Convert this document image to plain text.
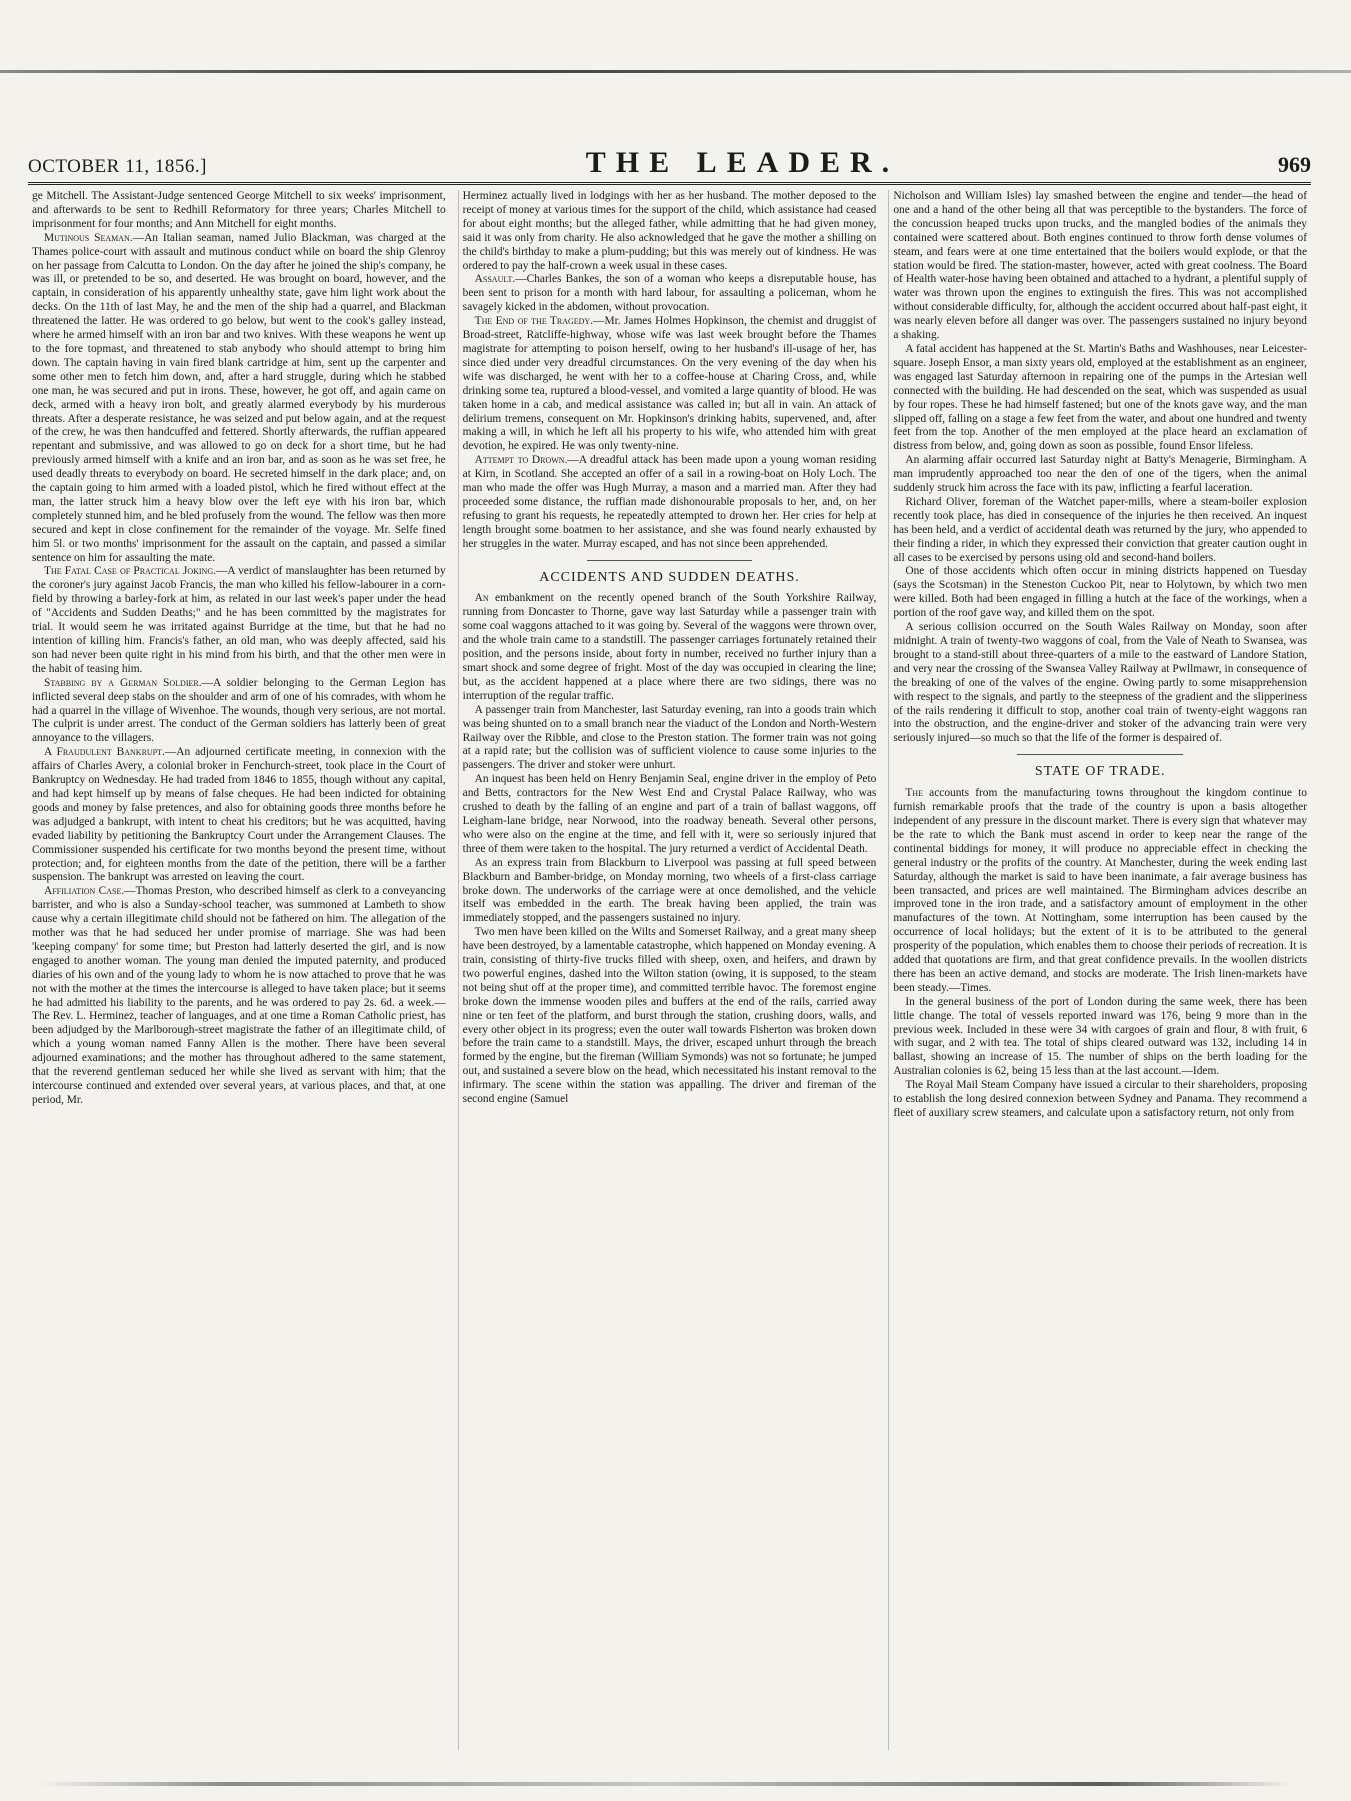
OCTOBER 11, 1856.]	THE LEADER.	969

ge Mitchell. The Assistant-Judge sentenced George Mitchell to six weeks' imprisonment, and afterwards to be sent to Redhill Reformatory for three years; Charles Mitchell to imprisonment for four months; and Ann Mitchell for eight months.

Mutinous Seaman.—An Italian seaman, named Julio Blackman, was charged at the Thames police-court with assault and mutinous conduct while on board the ship Glenroy on her passage from Calcutta to London. On the day after he joined the ship's company, he was ill, or pretended to be so, and deserted. He was brought on board, however, and the captain, in consideration of his apparently unhealthy state, gave him light work about the decks. On the 11th of last May, he and the men of the ship had a quarrel, and Blackman threatened the latter. He was ordered to go below, but went to the cook's galley instead, where he armed himself with an iron bar and two knives. With these weapons he went up to the fore topmast, and threatened to stab anybody who should attempt to bring him down. The captain having in vain fired blank cartridge at him, sent up the carpenter and some other men to fetch him down, and, after a hard struggle, during which he stabbed one man, he was secured and put in irons. These, however, he got off, and again came on deck, armed with a heavy iron bolt, and greatly alarmed everybody by his murderous threats. After a desperate resistance, he was seized and put below again, and at the request of the crew, he was then handcuffed and fettered. Shortly afterwards, the ruffian appeared repentant and submissive, and was allowed to go on deck for a short time, but he had previously armed himself with a knife and an iron bar, and as soon as he was set free, he used deadly threats to everybody on board. He secreted himself in the dark place; and, on the captain going to him armed with a loaded pistol, which he fired without effect at the man, the latter struck him a heavy blow over the left eye with his iron bar, which completely stunned him, and he bled profusely from the wound. The fellow was then more secured and kept in close confinement for the remainder of the voyage. Mr. Selfe fined him 5l. or two months' imprisonment for the assault on the captain, and passed a similar sentence on him for assaulting the mate.

The Fatal Case of Practical Joking.—A verdict of manslaughter has been returned by the coroner's jury against Jacob Francis, the man who killed his fellow-labourer in a corn-field by throwing a barley-fork at him, as related in our last week's paper under the head of "Accidents and Sudden Deaths;" and he has been committed by the magistrates for trial. It would seem he was irritated against Burridge at the time, but that he had no intention of killing him. Francis's father, an old man, who was deeply affected, said his son had never been quite right in his mind from his birth, and that the other men were in the habit of teasing him.

Stabbing by a German Soldier.—A soldier belonging to the German Legion has inflicted several deep stabs on the shoulder and arm of one of his comrades, with whom he had a quarrel in the village of Wivenhoe. The wounds, though very serious, are not mortal. The culprit is under arrest. The conduct of the German soldiers has latterly been of great annoyance to the villagers.

A Fraudulent Bankrupt.—An adjourned certificate meeting, in connexion with the affairs of Charles Avery, a colonial broker in Fenchurch-street, took place in the Court of Bankruptcy on Wednesday. He had traded from 1846 to 1855, though without any capital, and had kept himself up by means of false cheques. He had been indicted for obtaining goods and money by false pretences, and also for obtaining goods three months before he was adjudged a bankrupt, with intent to cheat his creditors; but he was acquitted, having evaded liability by petitioning the Bankruptcy Court under the Arrangement Clauses. The Commissioner suspended his certificate for two months beyond the present time, without protection; and, for eighteen months from the date of the petition, there will be a farther suspension. The bankrupt was arrested on leaving the court.

Affiliation Case.—Thomas Preston, who described himself as clerk to a conveyancing barrister, and who is also a Sunday-school teacher, was summoned at Lambeth to show cause why a certain illegitimate child should not be fathered on him. The allegation of the mother was that he had seduced her under promise of marriage. She was had been 'keeping company' for some time; but Preston had latterly deserted the girl, and is now engaged to another woman. The young man denied the imputed paternity, and produced diaries of his own and of the young lady to whom he is now attached to prove that he was not with the mother at the times the intercourse is alleged to have taken place; but it seems he had admitted his liability to the parents, and he was ordered to pay 2s. 6d. a week.—The Rev. L. Herminez, teacher of languages, and at one time a Roman Catholic priest, has been adjudged by the Marlborough-street magistrate the father of an illegitimate child, of which a young woman named Fanny Allen is the mother. There have been several adjourned examinations; and the mother has throughout adhered to the same statement, that the reverend gentleman seduced her while she lived as servant with him; that the intercourse continued and extended over several years, at various places, and that, at one period, Mr.

Herminez actually lived in lodgings with her as her husband. The mother deposed to the receipt of money at various times for the support of the child, which assistance had ceased for about eight months; but the alleged father, while admitting that he had given money, said it was only from charity. He also acknowledged that he gave the mother a shilling on the child's birthday to make a plum-pudding; but this was merely out of kindness. He was ordered to pay the half-crown a week usual in these cases.

Assault.—Charles Bankes, the son of a woman who keeps a disreputable house, has been sent to prison for a month with hard labour, for assaulting a policeman, whom he savagely kicked in the abdomen, without provocation.

The End of the Tragedy.—Mr. James Holmes Hopkinson, the chemist and druggist of Broad-street, Ratcliffe-highway, whose wife was last week brought before the Thames magistrate for attempting to poison herself, owing to her husband's ill-usage of her, has since died under very dreadful circumstances. On the very evening of the day when his wife was discharged, he went with her to a coffee-house at Charing Cross, and, while drinking some tea, ruptured a blood-vessel, and vomited a large quantity of blood. He was taken home in a cab, and medical assistance was called in; but all in vain. An attack of delirium tremens, consequent on Mr. Hopkinson's drinking habits, supervened, and, after making a will, in which he left all his property to his wife, who attended him with great devotion, he expired. He was only twenty-nine.

Attempt to Drown.—A dreadful attack has been made upon a young woman residing at Kirn, in Scotland. She accepted an offer of a sail in a rowing-boat on Holy Loch. The man who made the offer was Hugh Murray, a mason and a married man. After they had proceeded some distance, the ruffian made dishonourable proposals to her, and, on her refusing to grant his requests, he repeatedly attempted to drown her. Her cries for help at length brought some boatmen to her assistance, and she was found nearly exhausted by her struggles in the water. Murray escaped, and has not since been apprehended.

ACCIDENTS AND SUDDEN DEATHS.

An embankment on the recently opened branch of the South Yorkshire Railway, running from Doncaster to Thorne, gave way last Saturday while a passenger train with some coal waggons attached to it was going by. Several of the waggons were thrown over, and the whole train came to a standstill. The passenger carriages fortunately retained their position, and the persons inside, about forty in number, received no further injury than a smart shock and some degree of fright. Most of the day was occupied in clearing the line; but, as the accident happened at a place where there are two sidings, there was no interruption of the regular traffic.

A passenger train from Manchester, last Saturday evening, ran into a goods train which was being shunted on to a small branch near the viaduct of the London and North-Western Railway over the Ribble, and close to the Preston station. The former train was not going at a rapid rate; but the collision was of sufficient violence to cause some injuries to the passengers. The driver and stoker were unhurt.

An inquest has been held on Henry Benjamin Seal, engine driver in the employ of Peto and Betts, contractors for the New West End and Crystal Palace Railway, who was crushed to death by the falling of an engine and part of a train of ballast waggons, off Leigham-lane bridge, near Norwood, into the roadway beneath. Several other persons, who were also on the engine at the time, and fell with it, were so seriously injured that three of them were taken to the hospital. The jury returned a verdict of Accidental Death.

As an express train from Blackburn to Liverpool was passing at full speed between Blackburn and Bamber-bridge, on Monday morning, two wheels of a first-class carriage broke down. The underworks of the carriage were at once demolished, and the vehicle itself was embedded in the earth. The break having been applied, the train was immediately stopped, and the passengers sustained no injury.

Two men have been killed on the Wilts and Somerset Railway, and a great many sheep have been destroyed, by a lamentable catastrophe, which happened on Monday evening. A train, consisting of thirty-five trucks filled with sheep, oxen, and heifers, and drawn by two powerful engines, dashed into the Wilton station (owing, it is supposed, to the steam not being shut off at the proper time), and committed terrible havoc. The foremost engine broke down the immense wooden piles and buffers at the end of the rails, carried away nine or ten feet of the platform, and burst through the station, crushing doors, walls, and every other object in its progress; even the outer wall towards Fisherton was broken down before the train came to a standstill. Mays, the driver, escaped unhurt through the breach formed by the engine, but the fireman (William Symonds) was not so fortunate; he jumped out, and sustained a severe blow on the head, which necessitated his instant removal to the infirmary. The scene within the station was appalling. The driver and fireman of the second engine (Samuel

Nicholson and William Isles) lay smashed between the engine and tender—the head of one and a hand of the other being all that was perceptible to the bystanders. The force of the concussion heaped trucks upon trucks, and the mangled bodies of the animals they contained were scattered about. Both engines continued to throw forth dense volumes of steam, and fears were at one time entertained that the boilers would explode, or that the station would be fired. The station-master, however, acted with great coolness. The Board of Health water-hose having been obtained and attached to a hydrant, a plentiful supply of water was thrown upon the engines to extinguish the fires. This was not accomplished without considerable difficulty, for, although the accident occurred about half-past eight, it was nearly eleven before all danger was over. The passengers sustained no injury beyond a shaking.

A fatal accident has happened at the St. Martin's Baths and Washhouses, near Leicester-square. Joseph Ensor, a man sixty years old, employed at the establishment as an engineer, was engaged last Saturday afternoon in repairing one of the pumps in the Artesian well connected with the building. He had descended on the seat, which was suspended as usual by four ropes. These he had himself fastened; but one of the knots gave way, and the man slipped off, falling on a stage a few feet from the water, and about one hundred and twenty feet from the top. Another of the men employed at the place heard an exclamation of distress from below, and, going down as soon as possible, found Ensor lifeless.

An alarming affair occurred last Saturday night at Batty's Menagerie, Birmingham. A man imprudently approached too near the den of one of the tigers, when the animal suddenly struck him across the face with its paw, inflicting a fearful laceration.

Richard Oliver, foreman of the Watchet paper-mills, where a steam-boiler explosion recently took place, has died in consequence of the injuries he then received. An inquest has been held, and a verdict of accidental death was returned by the jury, who appended to their finding a rider, in which they expressed their conviction that greater caution ought in all cases to be exercised by persons using old and second-hand boilers.

One of those accidents which often occur in mining districts happened on Tuesday (says the Scotsman) in the Steneston Cuckoo Pit, near to Holytown, by which two men were killed. Both had been engaged in filling a hutch at the face of the workings, when a portion of the roof gave way, and killed them on the spot.

A serious collision occurred on the South Wales Railway on Monday, soon after midnight. A train of twenty-two waggons of coal, from the Vale of Neath to Swansea, was brought to a stand-still about three-quarters of a mile to the eastward of Landore Station, and very near the crossing of the Swansea Valley Railway at Pwllmawr, in consequence of the breaking of one of the valves of the engine. Owing partly to some misapprehension with respect to the signals, and partly to the steepness of the gradient and the slipperiness of the rails rendering it difficult to stop, another coal train of twenty-eight waggons ran into the obstruction, and the engine-driver and stoker of the advancing train were very seriously injured—so much so that the life of the former is despaired of.

STATE OF TRADE.

The accounts from the manufacturing towns throughout the kingdom continue to furnish remarkable proofs that the trade of the country is upon a basis altogether independent of any pressure in the discount market. There is every sign that whatever may be the rate to which the Bank must ascend in order to keep near the range of the continental biddings for money, it will produce no appreciable effect in checking the general industry or the profits of the country. At Manchester, during the week ending last Saturday, although the market is said to have been inanimate, a fair average business has been transacted, and prices are well maintained. The Birmingham advices describe an improved tone in the iron trade, and a satisfactory amount of employment in the other manufactures of the town. At Nottingham, some interruption has been caused by the occurrence of local holidays; but the extent of it is to be attributed to the general prosperity of the population, which enables them to choose their periods of recreation. It is added that quotations are firm, and that great confidence prevails. In the woollen districts there has been an active demand, and stocks are moderate. The Irish linen-markets have been steady.—Times.

In the general business of the port of London during the same week, there has been little change. The total of vessels reported inward was 176, being 9 more than in the previous week. Included in these were 34 with cargoes of grain and flour, 8 with fruit, 6 with sugar, and 2 with tea. The total of ships cleared outward was 132, including 14 in ballast, showing an increase of 15. The number of ships on the berth loading for the Australian colonies is 62, being 15 less than at the last account.—Idem.

The Royal Mail Steam Company have issued a circular to their shareholders, proposing to establish the long desired connexion between Sydney and Panama. They recommend a fleet of auxiliary screw steamers, and calculate upon a satisfactory return, not only from
